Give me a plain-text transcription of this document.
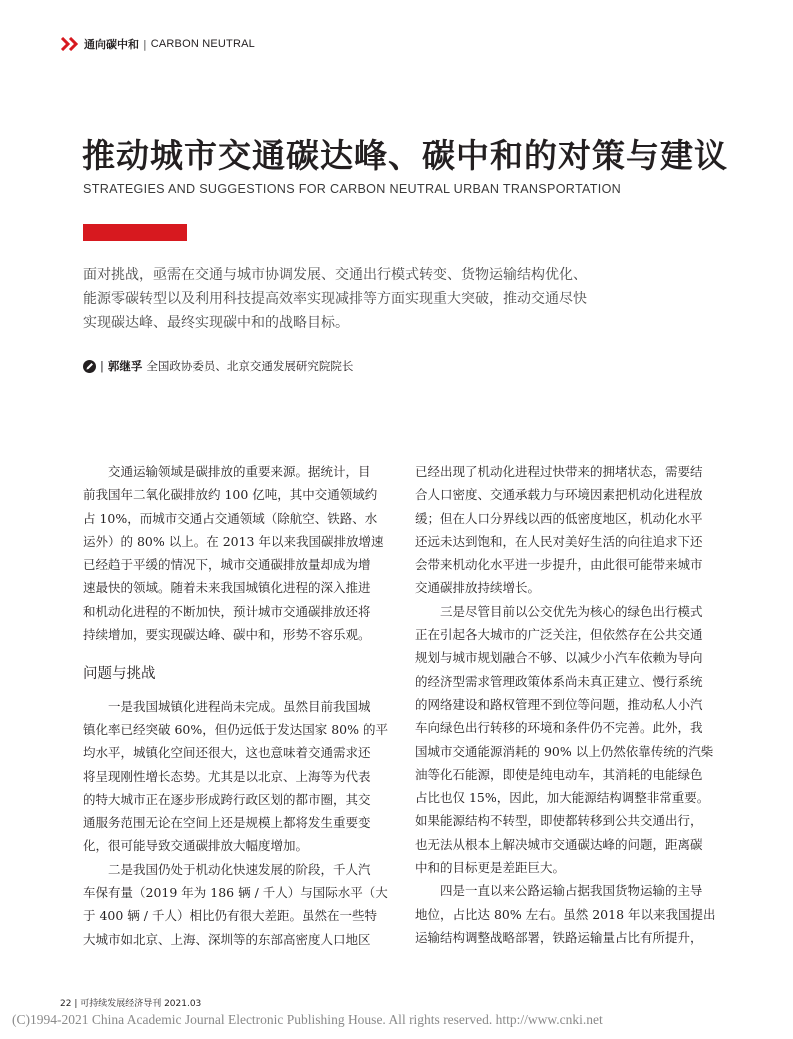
通向碳中和 | CARBON NEUTRAL
推动城市交通碳达峰、碳中和的对策与建议
STRATEGIES AND SUGGESTIONS FOR CARBON NEUTRAL URBAN TRANSPORTATION

面对挑战，亟需在交通与城市协调发展、交通出行模式转变、货物运输结构优化、

能源零碳转型以及利用科技提高效率实现减排等方面实现重大突破，推动交通尽快

实现碳达峰、最终实现碳中和的战略目标。

| 郭继孚 全国政协委员、北京交通发展研究院院长

交通运输领域是碳排放的重要来源。据统计，目

前我国年二氧化碳排放约 100 亿吨，其中交通领域约

占 10%，而城市交通占交通领域（除航空、铁路、水

运外）的 80% 以上。在 2013 年以来我国碳排放增速

已经趋于平缓的情况下，城市交通碳排放量却成为增

速最快的领域。随着未来我国城镇化进程的深入推进

和机动化进程的不断加快，预计城市交通碳排放还将

持续增加，要实现碳达峰、碳中和，形势不容乐观。

问题与挑战

一是我国城镇化进程尚未完成。虽然目前我国城

镇化率已经突破 60%，但仍远低于发达国家 80% 的平

均水平，城镇化空间还很大，这也意味着交通需求还

将呈现刚性增长态势。尤其是以北京、上海等为代表

的特大城市正在逐步形成跨行政区划的都市圈，其交

通服务范围无论在空间上还是规模上都将发生重要变

化，很可能导致交通碳排放大幅度增加。

二是我国仍处于机动化快速发展的阶段，千人汽

车保有量（2019 年为 186 辆 / 千人）与国际水平（大

于 400 辆 / 千人）相比仍有很大差距。虽然在一些特

大城市如北京、上海、深圳等的东部高密度人口地区

已经出现了机动化进程过快带来的拥堵状态，需要结

合人口密度、交通承载力与环境因素把机动化进程放

缓；但在人口分界线以西的低密度地区，机动化水平

还远未达到饱和，在人民对美好生活的向往追求下还

会带来机动化水平进一步提升，由此很可能带来城市

交通碳排放持续增长。

三是尽管目前以公交优先为核心的绿色出行模式

正在引起各大城市的广泛关注，但依然存在公共交通

规划与城市规划融合不够、以减少小汽车依赖为导向

的经济型需求管理政策体系尚未真正建立、慢行系统

的网络建设和路权管理不到位等问题，推动私人小汽

车向绿色出行转移的环境和条件仍不完善。此外，我

国城市交通能源消耗的 90% 以上仍然依靠传统的汽柴

油等化石能源，即使是纯电动车，其消耗的电能绿色

占比也仅 15%，因此，加大能源结构调整非常重要。

如果能源结构不转型，即使都转移到公共交通出行，

也无法从根本上解决城市交通碳达峰的问题，距离碳

中和的目标更是差距巨大。

四是一直以来公路运输占据我国货物运输的主导

地位，占比达 80% 左右。虽然 2018 年以来我国提出

运输结构调整战略部署，铁路运输量占比有所提升，

22 | 可持续发展经济导刊 2021.03
(C)1994-2021 China Academic Journal Electronic Publishing House. All rights reserved. http://www.cnki.net
